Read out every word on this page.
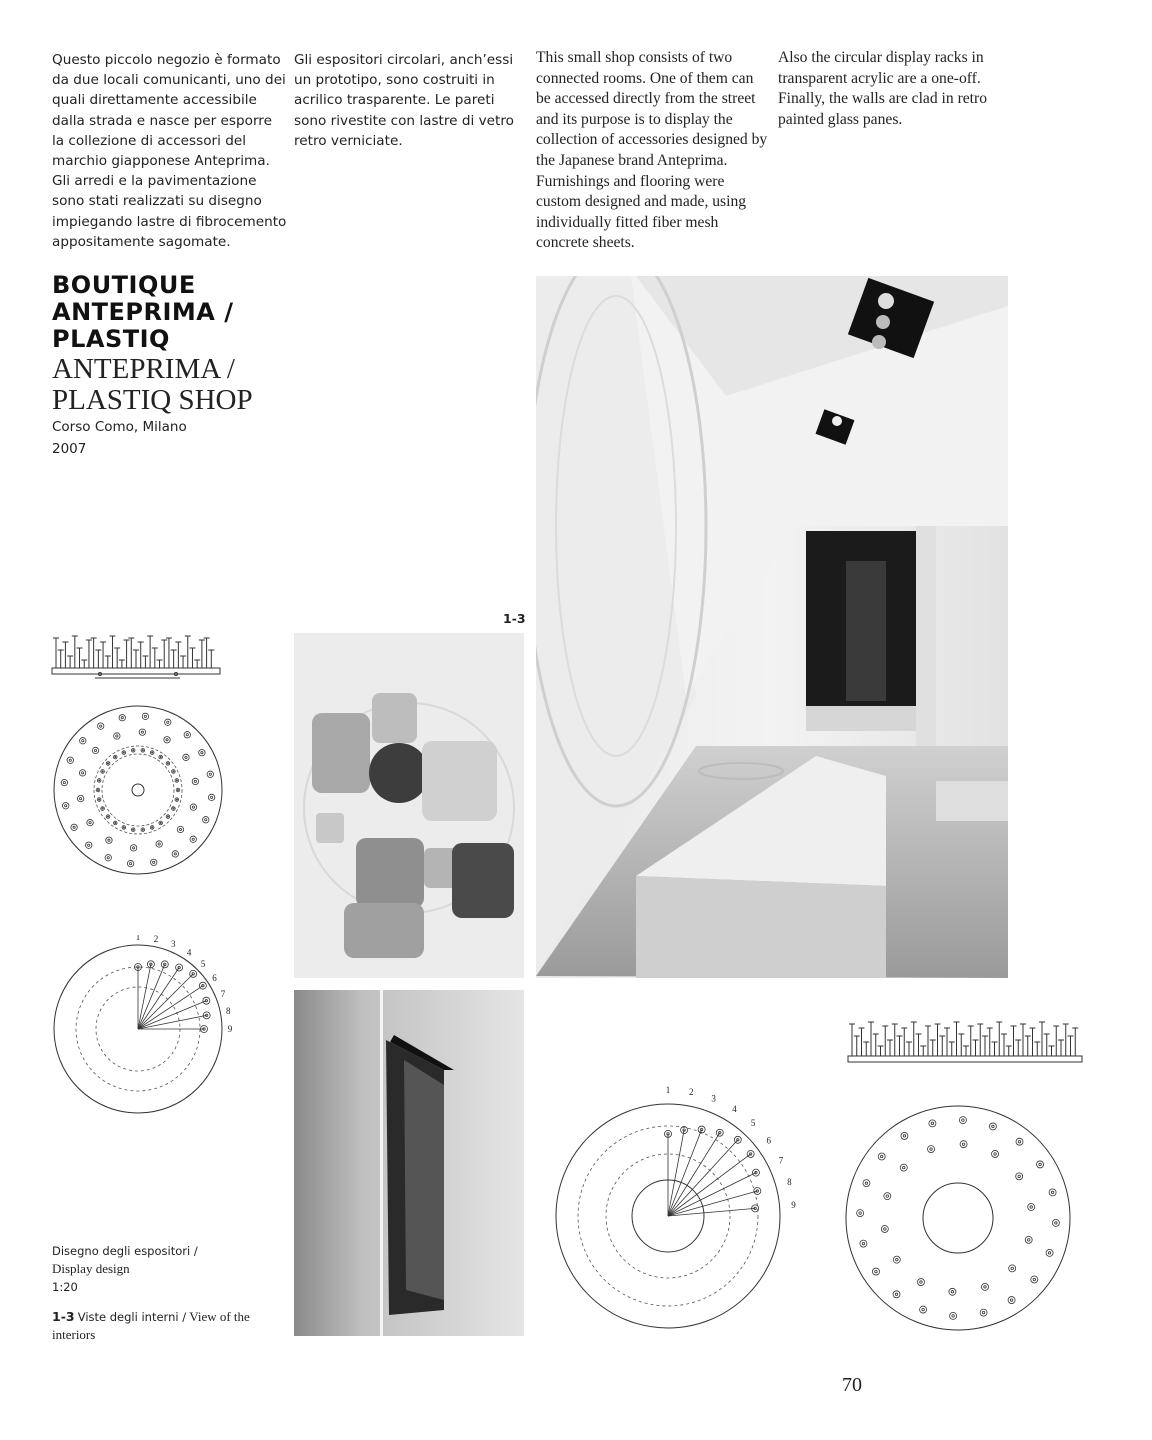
Questo piccolo negozio è formato da due locali comunicanti, uno dei quali direttamente accessibile dalla strada e nasce per esporre la collezione di accessori del marchio giapponese Anteprima. Gli arredi e la pavimentazione sono stati realizzati su disegno impiegando lastre di fibrocemento appositamente sagomate.
Gli espositori circolari, anch’essi un prototipo, sono costruiti in acrilico trasparente. Le pareti sono rivestite con lastre di vetro retro verniciate.
This small shop consists of two connected rooms. One of them can be accessed directly from the street and its purpose is to display the collection of accessories designed by the Japanese brand Anteprima. Furnishings and flooring were custom designed and made, using individually fitted fiber mesh concrete sheets.
Also the circular display racks in transparent acrylic are a one-off. Finally, the walls are clad in retro painted glass panes.
BOUTIQUE
ANTEPRIMA /
PLASTIQ
ANTEPRIMA /
PLASTIQ SHOP
Corso Como, Milano
2007
1-3
1 2
3
4
5
6
7
8
9
1 2
3
4
5
6
7
8
9
Disegno degli espositori /
Display design
1:20
1-3 Viste degli interni / View of the interiors
70
